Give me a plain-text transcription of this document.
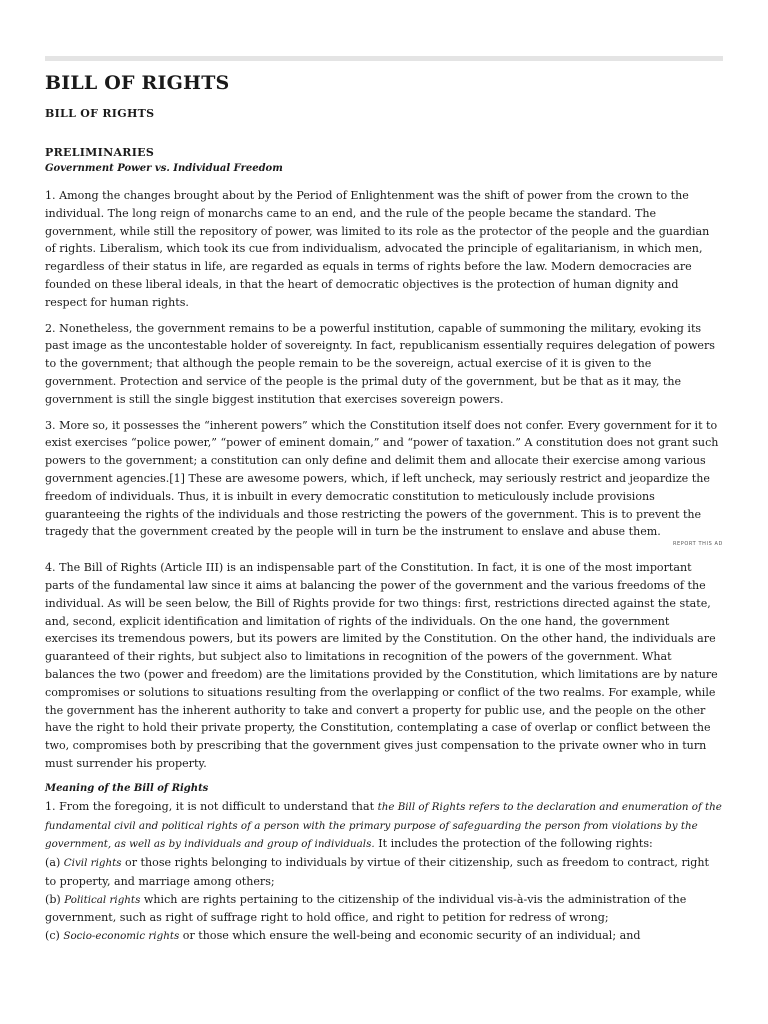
BILL OF RIGHTS
BILL OF RIGHTS
PRELIMINARIES
Government Power vs. Individual Freedom

1. Among the changes brought about by the Period of Enlightenment was the shift of power from the crown to the individual. The long reign of monarchs came to an end, and the rule of the people became the standard. The government, while still the repository of power, was limited to its role as the protector of the people and the guardian of rights. Liberalism, which took its cue from individualism, advocated the principle of egalitarianism, in which men, regardless of their status in life, are regarded as equals in terms of rights before the law. Modern democracies are founded on these liberal ideals, in that the heart of democratic objectives is the protection of human dignity and respect for human rights.

2. Nonetheless, the government remains to be a powerful institution, capable of summoning the military, evoking its past image as the uncontestable holder of sovereignty. In fact, republicanism essentially requires delegation of powers to the government; that although the people remain to be the sovereign, actual exercise of it is given to the government. Protection and service of the people is the primal duty of the government, but be that as it may, the government is still the single biggest institution that exercises sovereign powers.

3. More so, it possesses the “inherent powers” which the Constitution itself does not confer. Every government for it to exist exercises “police power,” “power of eminent domain,” and “power of taxation.” A constitution does not grant such powers to the government; a constitution can only define and delimit them and allocate their exercise among various government agencies.[1] These are awesome powers, which, if left uncheck, may seriously restrict and jeopardize the freedom of individuals. Thus, it is inbuilt in every democratic constitution to meticulously include provisions guaranteeing the rights of the individuals and those restricting the powers of the government. This is to prevent the tragedy that the government created by the people will in turn be the instrument to enslave and abuse them.

REPORT THIS AD

4. The Bill of Rights (Article III) is an indispensable part of the Constitution. In fact, it is one of the most important parts of the fundamental law since it aims at balancing the power of the government and the various freedoms of the individual. As will be seen below, the Bill of Rights provide for two things: first, restrictions directed against the state, and, second, explicit identification and limitation of rights of the individuals. On the one hand, the government exercises its tremendous powers, but its powers are limited by the Constitution. On the other hand, the individuals are guaranteed of their rights, but subject also to limitations in recognition of the powers of the government. What balances the two (power and freedom) are the limitations provided by the Constitution, which limitations are by nature compromises or solutions to situations resulting from the overlapping or conflict of the two realms. For example, while the government has the inherent authority to take and convert a property for public use, and the people on the other have the right to hold their private property, the Constitution, contemplating a case of overlap or conflict between the two, compromises both by prescribing that the government gives just compensation to the private owner who in turn must surrender his property.

Meaning of the Bill of Rights

1. From the foregoing, it is not difficult to understand that the Bill of Rights refers to the declaration and enumeration of the fundamental civil and political rights of a person with the primary purpose of safeguarding the person from violations by the government, as well as by individuals and group of individuals. It includes the protection of the following rights:

(a) Civil rights or those rights belonging to individuals by virtue of their citizenship, such as freedom to contract, right to property, and marriage among others;

(b) Political rights which are rights pertaining to the citizenship of the individual vis-à-vis the administration of the government, such as right of suffrage right to hold office, and right to petition for redress of wrong;

(c) Socio-economic rights or those which ensure the well-being and economic security of an individual; and
